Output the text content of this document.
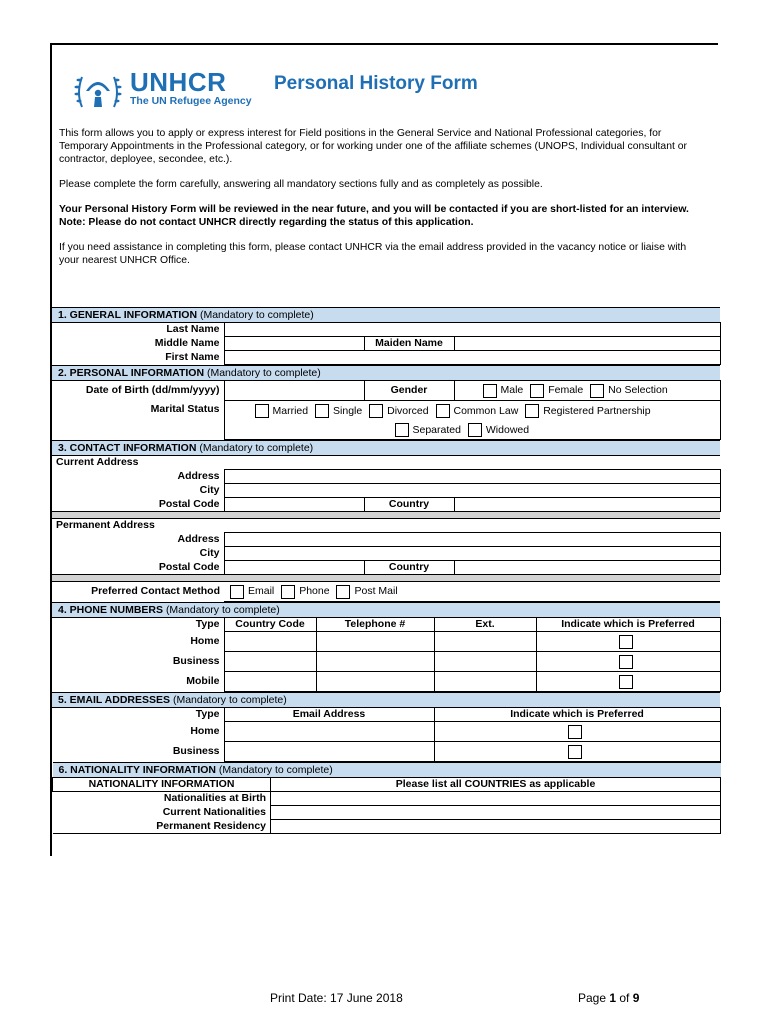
UNHCR
The UN Refugee Agency
Personal History Form

This form allows you to apply or express interest for Field positions in the General Service and National Professional categories, for Temporary Appointments in the Professional category, or for working under one of the affiliate schemes (UNOPS, Individual consultant or contractor, deployee, secondee, etc.).

Please complete the form carefully, answering all mandatory sections fully and as completely as possible.

Your Personal History Form will be reviewed in the near future, and you will be contacted if you are short-listed for an interview.

Note: Please do not contact UNHCR directly regarding the status of this application.

If you need assistance in completing this form, please contact UNHCR via the email address provided in the vacancy notice or liaise with your nearest UNHCR Office.

1. GENERAL INFORMATION (Mandatory to complete)			
Last Name			
Middle Name		Maiden Name	
First Name			
2. PERSONAL INFORMATION (Mandatory to complete)			
Date of Birth (dd/mm/yyyy)		Gender	Male Female No Selection
Marital Status	Married Single Divorced Common Law Registered Partnership		
	Separated Widowed		
3. CONTACT INFORMATION (Mandatory to complete)			
Current Address			
Address			
City			
Postal Code		Country	

Permanent Address			
Address			
City			
Postal Code		Country	

Preferred Contact Method	Email Phone Post Mail		
4. PHONE NUMBERS (Mandatory to complete)				
Type	Country Code	Telephone #	Ext.	Indicate which is Preferred
Home				
Business				
Mobile				
5. EMAIL ADDRESSES (Mandatory to complete)		
Type	Email Address	Indicate which is Preferred
Home		
Business		
6. NATIONALITY INFORMATION (Mandatory to complete)	
NATIONALITY INFORMATION	Please list all COUNTRIES as applicable
Nationalities at Birth	
Current Nationalities	
Permanent Residency	
Print Date: 17 June 2018	Page 1 of 9
